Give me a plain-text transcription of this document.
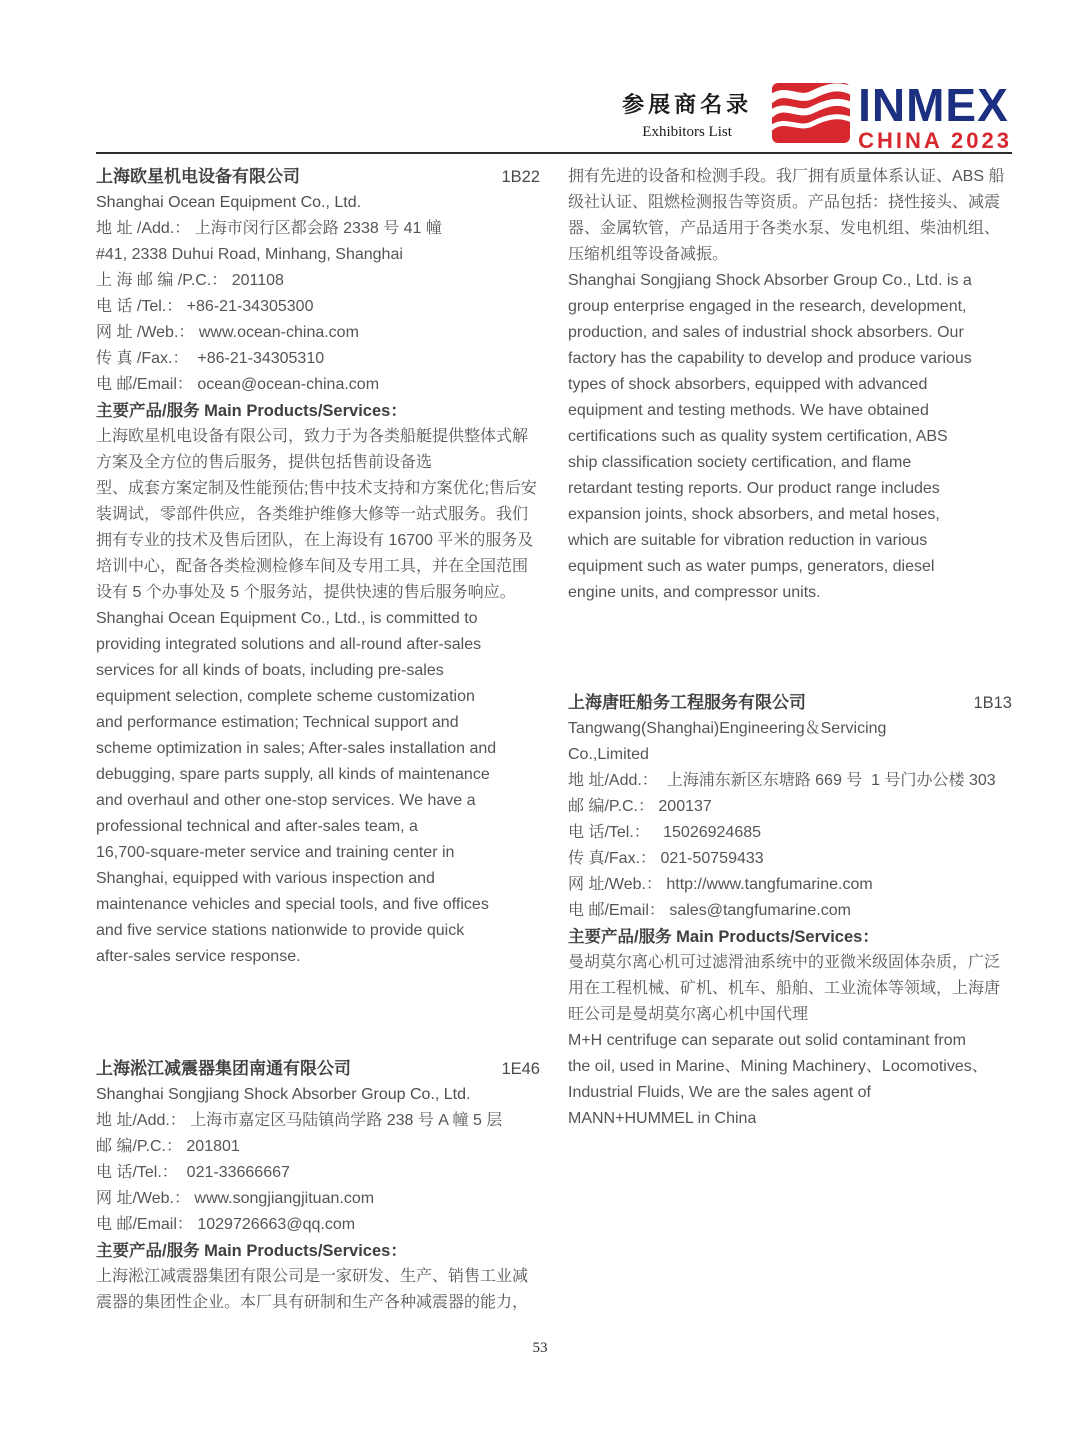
参展商名录
Exhibitors List
INMEX
CHINA 2023
上海欧星机电设备有限公司	1B22
Shanghai Ocean Equipment Co., Ltd.
地 址 /Add.： 上海市闵行区都会路 2338 号 41 幢
#41, 2338 Duhui Road, Minhang, Shanghai
上 海 邮 编 /P.C.： 201108
电 话 /Tel.： +86-21-34305300
网 址 /Web.： www.ocean-china.com
传 真 /Fax.：  +86-21-34305310
电 邮/Email： ocean@ocean-china.com
主要产品/服务 Main Products/Services：
上海欧星机电设备有限公司，致力于为各类船艇提供整体式解
方案及全方位的售后服务，提供包括售前设备选
型、成套方案定制及性能预估;售中技术支持和方案优化;售后安
装调试，零部件供应，各类维护维修大修等一站式服务。我们
拥有专业的技术及售后团队，在上海设有 16700 平米的服务及
培训中心，配备各类检测检修车间及专用工具，并在全国范围
设有 5 个办事处及 5 个服务站，提供快速的售后服务响应。
Shanghai Ocean Equipment Co., Ltd., is committed to
providing integrated solutions and all-round after-sales
services for all kinds of boats, including pre-sales
equipment selection, complete scheme customization
and performance estimation; Technical support and
scheme optimization in sales; After-sales installation and
debugging, spare parts supply, all kinds of maintenance
and overhaul and other one-stop services. We have a
professional technical and after-sales team, a
16,700-square-meter service and training center in
Shanghai, equipped with various inspection and
maintenance vehicles and special tools, and five offices
and five service stations nationwide to provide quick
after-sales service response.
上海淞江减震器集团南通有限公司	1E46
Shanghai Songjiang Shock Absorber Group Co., Ltd.
地 址/Add.： 上海市嘉定区马陆镇尚学路 238 号 A 幢 5 层
邮 编/P.C.： 201801
电 话/Tel.：  021-33666667
网 址/Web.： www.songjiangjituan.com
电 邮/Email： 1029726663@qq.com
主要产品/服务 Main Products/Services：
上海淞江减震器集团有限公司是一家研发、生产、销售工业减
震器的集团性企业。本厂具有研制和生产各种减震器的能力，
拥有先进的设备和检测手段。我厂拥有质量体系认证、ABS 船
级社认证、阻燃检测报告等资质。产品包括：挠性接头、减震
器、金属软管，产品适用于各类水泵、发电机组、柴油机组、
压缩机组等设备减振。
Shanghai Songjiang Shock Absorber Group Co., Ltd. is a
group enterprise engaged in the research, development,
production, and sales of industrial shock absorbers. Our
factory has the capability to develop and produce various
types of shock absorbers, equipped with advanced
equipment and testing methods. We have obtained
certifications such as quality system certification, ABS
ship classification society certification, and flame
retardant testing reports. Our product range includes
expansion joints, shock absorbers, and metal hoses,
which are suitable for vibration reduction in various
equipment such as water pumps, generators, diesel
engine units, and compressor units.
上海唐旺船务工程服务有限公司	1B13
Tangwang(Shanghai)Engineering＆Servicing
Co.,Limited
地 址/Add.：  上海浦东新区东塘路 669 号  1 号门办公楼 303
邮 编/P.C.： 200137
电 话/Tel.：   15026924685
传 真/Fax.： 021-50759433
网 址/Web.： http://www.tangfumarine.com
电 邮/Email： sales@tangfumarine.com
主要产品/服务 Main Products/Services：
曼胡莫尔离心机可过滤滑油系统中的亚微米级固体杂质，广泛
用在工程机械、矿机、机车、船舶、工业流体等领域，上海唐
旺公司是曼胡莫尔离心机中国代理
M+H centrifuge can separate out solid contaminant from
the oil, used in Marine、Mining Machinery、Locomotives、
Industrial Fluids, We are the sales agent of
MANN+HUMMEL in China
53
